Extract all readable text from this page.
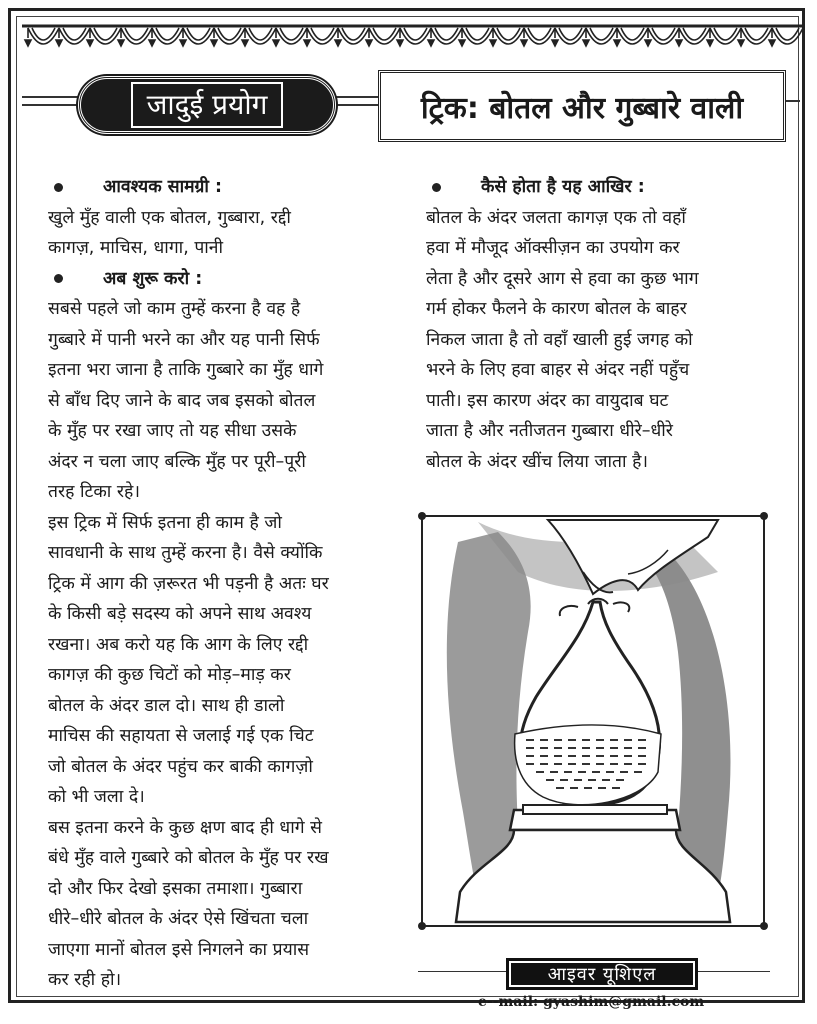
जादुई प्रयोग	ट्रिक: बोतल और गुब्बारे वाली
आवश्यक सामग्री :

खुले मुँह वाली एक बोतल, गुब्बारा, रद्दी

कागज़, माचिस, धागा, पानी

अब शुरू करो :

सबसे पहले जो काम तुम्हें करना है वह है

गुब्बारे में पानी भरने का और यह पानी सिर्फ

इतना भरा जाना है ताकि गुब्बारे का मुँह धागे

से बाँध दिए जाने के बाद जब इसको बोतल

के मुँह पर रखा जाए तो यह सीधा उसके

अंदर न चला जाए बल्कि मुँह पर पूरी–पूरी

तरह टिका रहे।

इस ट्रिक में सिर्फ इतना ही काम है जो

सावधानी के साथ तुम्हें करना है। वैसे क्योंकि

ट्रिक में आग की ज़रूरत भी पड़नी है अतः घर

के किसी बड़े सदस्य को अपने साथ अवश्य

रखना। अब करो यह कि आग के लिए रद्दी

कागज़ की कुछ चिटों को मोड़–माड़ कर

बोतल के अंदर डाल दो। साथ ही डालो

माचिस की सहायता से जलाई गई एक चिट

जो बोतल के अंदर पहुंच कर बाकी कागज़ो

को भी जला दे।

बस इतना करने के कुछ क्षण बाद ही धागे से

बंधे मुँह वाले गुब्बारे को बोतल के मुँह पर रख

दो और फिर देखो इसका तमाशा। गुब्बारा

धीरे–धीरे बोतल के अंदर ऐसे खिंचता चला

जाएगा मानों बोतल इसे निगलने का प्रयास

कर रही हो।

कैसे होता है यह आखिर :

बोतल के अंदर जलता कागज़ एक तो वहाँ

हवा में मौजूद ऑक्सीज़न का उपयोग कर

लेता है और दूसरे आग से हवा का कुछ भाग

गर्म होकर फैलने के कारण बोतल के बाहर

निकल जाता है तो वहाँ खाली हुई जगह को

भरने के लिए हवा बाहर से अंदर नहीं पहुँच

पाती। इस कारण अंदर का वायुदाब घट

जाता है और नतीजतन गुब्बारा धीरे–धीरे

बोतल के अंदर खींच लिया जाता है।

आइवर यूशिएल
e--mail: gyashim@gmail.com
